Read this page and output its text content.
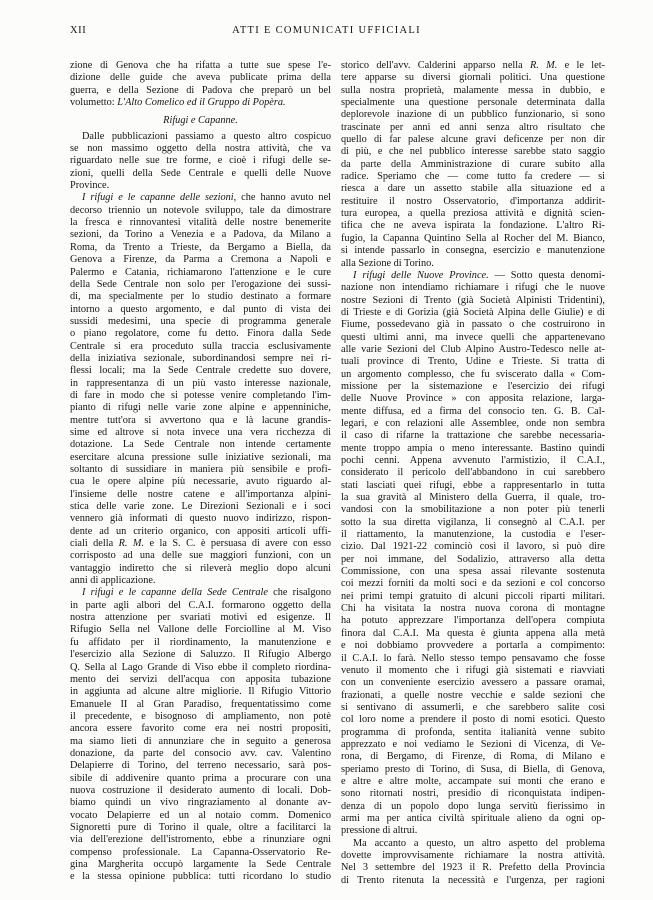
XII	ATTI E COMUNICATI UFFICIALI
zione di Genova che ha rifatta a tutte sue spese l'e-
dizione delle guide che aveva publicate prima della
guerra, e della Sezione di Padova che preparò un bel
volumetto: L'Alto Comelico ed il Gruppo di Popèra.
Rifugi e Capanne.
Dalle pubblicazioni passiamo a questo altro cospicuo
se non massimo oggetto della nostra attività, che va
riguardato nelle sue tre forme, e cioè i rifugi delle se-
zioni, quelli della Sede Centrale e quelli delle Nuove
Province.
I rifugi e le capanne delle sezioni, che hanno avuto nel
decorso triennio un notevole sviluppo, tale da dimostrare
la fresca e rinnovantesi vitalità delle nostre benemerite
sezioni, da Torino a Venezia e a Padova, da Milano a
Roma, da Trento a Trieste, da Bergamo a Biella, da
Genova a Firenze, da Parma a Cremona a Napoli e
Palermo e Catania, richiamarono l'attenzione e le cure
della Sede Centrale non solo per l'erogazione dei sussi-
di, ma specialmente per lo studio destinato a formare
intorno a questo argomento, e dal punto di vista dei
sussidi medesimi, una specie di programma generale
o piano regolatore, come fu detto. Finora dalla Sede
Centrale si era proceduto sulla traccia esclusivamente
della iniziativa sezionale, subordinandosi sempre nei ri-
flessi locali; ma la Sede Centrale credette suo dovere,
in rappresentanza di un più vasto interesse nazionale,
di fare in modo che si potesse venire completando l'im-
pianto di rifugi nelle varie zone alpine e appenniniche,
mentre tutt'ora si avvertono qua e là lacune grandis-
sime ed altrove si nota invece una vera ricchezza di
dotazione. La Sede Centrale non intende certamente
esercitare alcuna pressione sulle iniziative sezionali, ma
soltanto di sussidiare in maniera più sensibile e profi-
cua le opere alpine più necessarie, avuto riguardo al-
l'insieme delle nostre catene e all'importanza alpini-
stica delle varie zone. Le Direzioni Sezionali e i soci
vennero già informati di questo nuovo indirizzo, rispon-
dente ad un criterio organico, con appositi articoli uffi-
ciali della R. M. e la S. C. è persuasa di avere con esso
corrisposto ad una delle sue maggiori funzioni, con un
vantaggio indiretto che si rileverà meglio dopo alcuni
anni di applicazione.
I rifugi e le capanne della Sede Centrale che risalgono
in parte agli albori del C.A.I. formarono oggetto della
nostra attenzione per svariati motivi ed esigenze. Il
Rifugio Sella nel Vallone delle Forciolline al M. Viso
fu affidato per il riordinamento, la manutenzione e
l'esercizio alla Sezione di Saluzzo. Il Rifugio Albergo
Q. Sella al Lago Grande di Viso ebbe il completo riordina-
mento dei servizi dell'acqua con apposita tubazione
in aggiunta ad alcune altre migliorie. Il Rifugio Vittorio
Emanuele II al Gran Paradiso, frequentatissimo come
il precedente, e bisognoso di ampliamento, non potè
ancora essere favorito come era nei nostri propositi,
ma siamo lieti di annunziare che in seguito a generosa
donazione, da parte del consocio avv. cav. Valentino
Delapierre di Torino, del terreno necessario, sarà pos-
sibile di addivenire quanto prima a procurare con una
nuova costruzione il desiderato aumento di locali. Dob-
biamo quindi un vivo ringraziamento al donante av-
vocato Delapierre ed un al notaio comm. Domenico
Signoretti pure di Torino il quale, oltre a facilitarci la
via dell'erezione dell'istromento, ebbe a rinunziare ogni
compenso professionale. La Capanna-Osservatorio Re-
gina Margherita occupò largamente la Sede Centrale
e la stessa opinione pubblica: tutti ricordano lo studio
storico dell'avv. Calderini apparso nella R. M. e le let-
tere apparse su diversi giornali politici. Una questione
sulla nostra proprietà, malamente messa in dubbio, e
specialmente una questione personale determinata dalla
deplorevole inazione di un pubblico funzionario, si sono
trascinate per anni ed anni senza altro risultato che
quello di far palese alcune gravi deficenze per non dir
di più, e che nel pubblico interesse sarebbe stato saggio
da parte della Amministrazione di curare subito alla
radice. Speriamo che — come tutto fa credere — si
riesca a dare un assetto stabile alla situazione ed a
restituire il nostro Osservatorio, d'importanza addirit-
tura europea, a quella preziosa attività e dignità scien-
tifica che ne aveva ispirata la fondazione. L'altro Ri-
fugio, la Capanna Quintino Sella al Rocher del M. Bianco,
si intende passarlo in consegna, esercizio e manutenzione
alla Sezione di Torino.
I rifugi delle Nuove Province. — Sotto questa denomi-
nazione non intendiamo richiamare i rifugi che le nuove
nostre Sezioni di Trento (già Società Alpinisti Tridentini),
di Trieste e di Gorizia (già Società Alpina delle Giulie) e di
Fiume, possedevano già in passato o che costruirono in
questi ultimi anni, ma invece quelli che appartenevano
alle varie Sezioni del Club Alpino Austro-Tedesco nelle at-
tuali province di Trento, Udine e Trieste. Si tratta di
un argomento complesso, che fu sviscerato dalla « Com-
missione per la sistemazione e l'esercizio dei rifugi
delle Nuove Province » con apposita relazione, larga-
mente diffusa, ed a firma del consocio ten. G. B. Cal-
legari, e con relazioni alle Assemblee, onde non sembra
il caso di rifarne la trattazione che sarebbe necessaria-
mente troppo ampia o meno interessante. Bastino quindi
pochi cenni. Appena avvenuto l'armistizio, il C.A.I.,
considerato il pericolo dell'abbandono in cui sarebbero
stati lasciati quei rifugi, ebbe a rappresentarlo in tutta
la sua gravità al Ministero della Guerra, il quale, tro-
vandosi con la smobilitazione a non poter più tenerli
sotto la sua diretta vigilanza, li consegnò al C.A.I. per
il riattamento, la manutenzione, la custodia e l'eser-
cizio. Dal 1921-22 cominciò così il lavoro, si può dire
per noi immane, del Sodalizio, attraverso alla detta
Commissione, con una spesa assai rilevante sostenuta
coi mezzi forniti da molti soci e da sezioni e col concorso
nei primi tempi gratuito di alcuni piccoli riparti militari.
Chi ha visitata la nostra nuova corona di montagne
ha potuto apprezzare l'importanza dell'opera compiuta
finora dal C.A.I. Ma questa è giunta appena alla metà
e noi dobbiamo provvedere a portarla a compimento:
il C.A.I. lo farà. Nello stesso tempo pensavamo che fosse
venuto il momento che i rifugi già sistemati e riavviati
con un conveniente esercizio avessero a passare oramai,
frazionati, a quelle nostre vecchie e salde sezioni che
si sentivano di assumerli, e che sarebbero salite così
col loro nome a prendere il posto di nomi esotici. Questo
programma di profonda, sentita italianità venne subito
apprezzato e noi vediamo le Sezioni di Vicenza, di Ve-
rona, di Bergamo, di Firenze, di Roma, di Milano e
speriamo presto di Torino, di Susa, di Biella, di Genova,
e altre e altre molte, accampate sui monti che erano e
sono ritornati nostri, presidio di riconquistata indipen-
denza di un popolo dopo lunga servitù fierissimo in
armi ma per antica civiltà spirituale alieno da ogni op-
pressione di altrui.
Ma accanto a questo, un altro aspetto del problema
dovette improvvisamente richiamare la nostra attività.
Nel 3 settembre del 1923 il R. Prefetto della Provincia
di Trento ritenuta la necessità e l'urgenza, per ragioni
